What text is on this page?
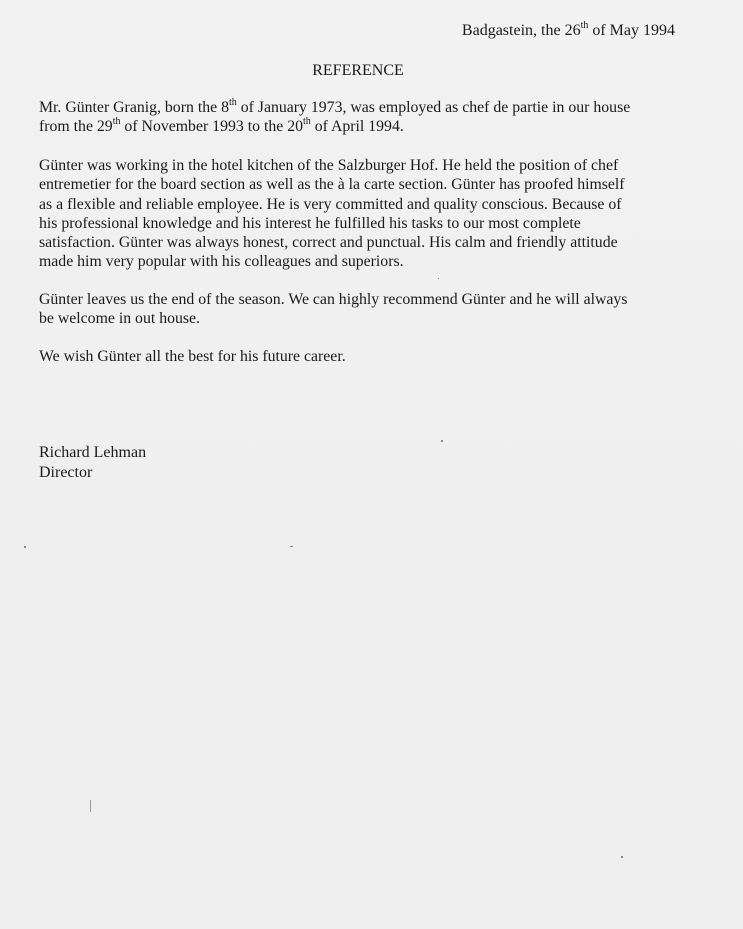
Badgastein, the 26th of May 1994
REFERENCE
Mr. Günter Granig, born the 8th of January 1973, was employed as chef de partie in our house
from the 29th of November 1993 to the 20th of April 1994.
Günter was working in the hotel kitchen of the Salzburger Hof. He held the position of chef
entremetier for the board section as well as the à la carte section. Günter has proofed himself
as a flexible and reliable employee. He is very committed and quality conscious. Because of
his professional knowledge and his interest he fulfilled his tasks to our most complete
satisfaction. Günter was always honest, correct and punctual. His calm and friendly attitude
made him very popular with his colleagues and superiors.
Günter leaves us the end of the season. We can highly recommend Günter and he will always
be welcome in out house.
We wish Günter all the best for his future career.
Richard Lehman
Director
